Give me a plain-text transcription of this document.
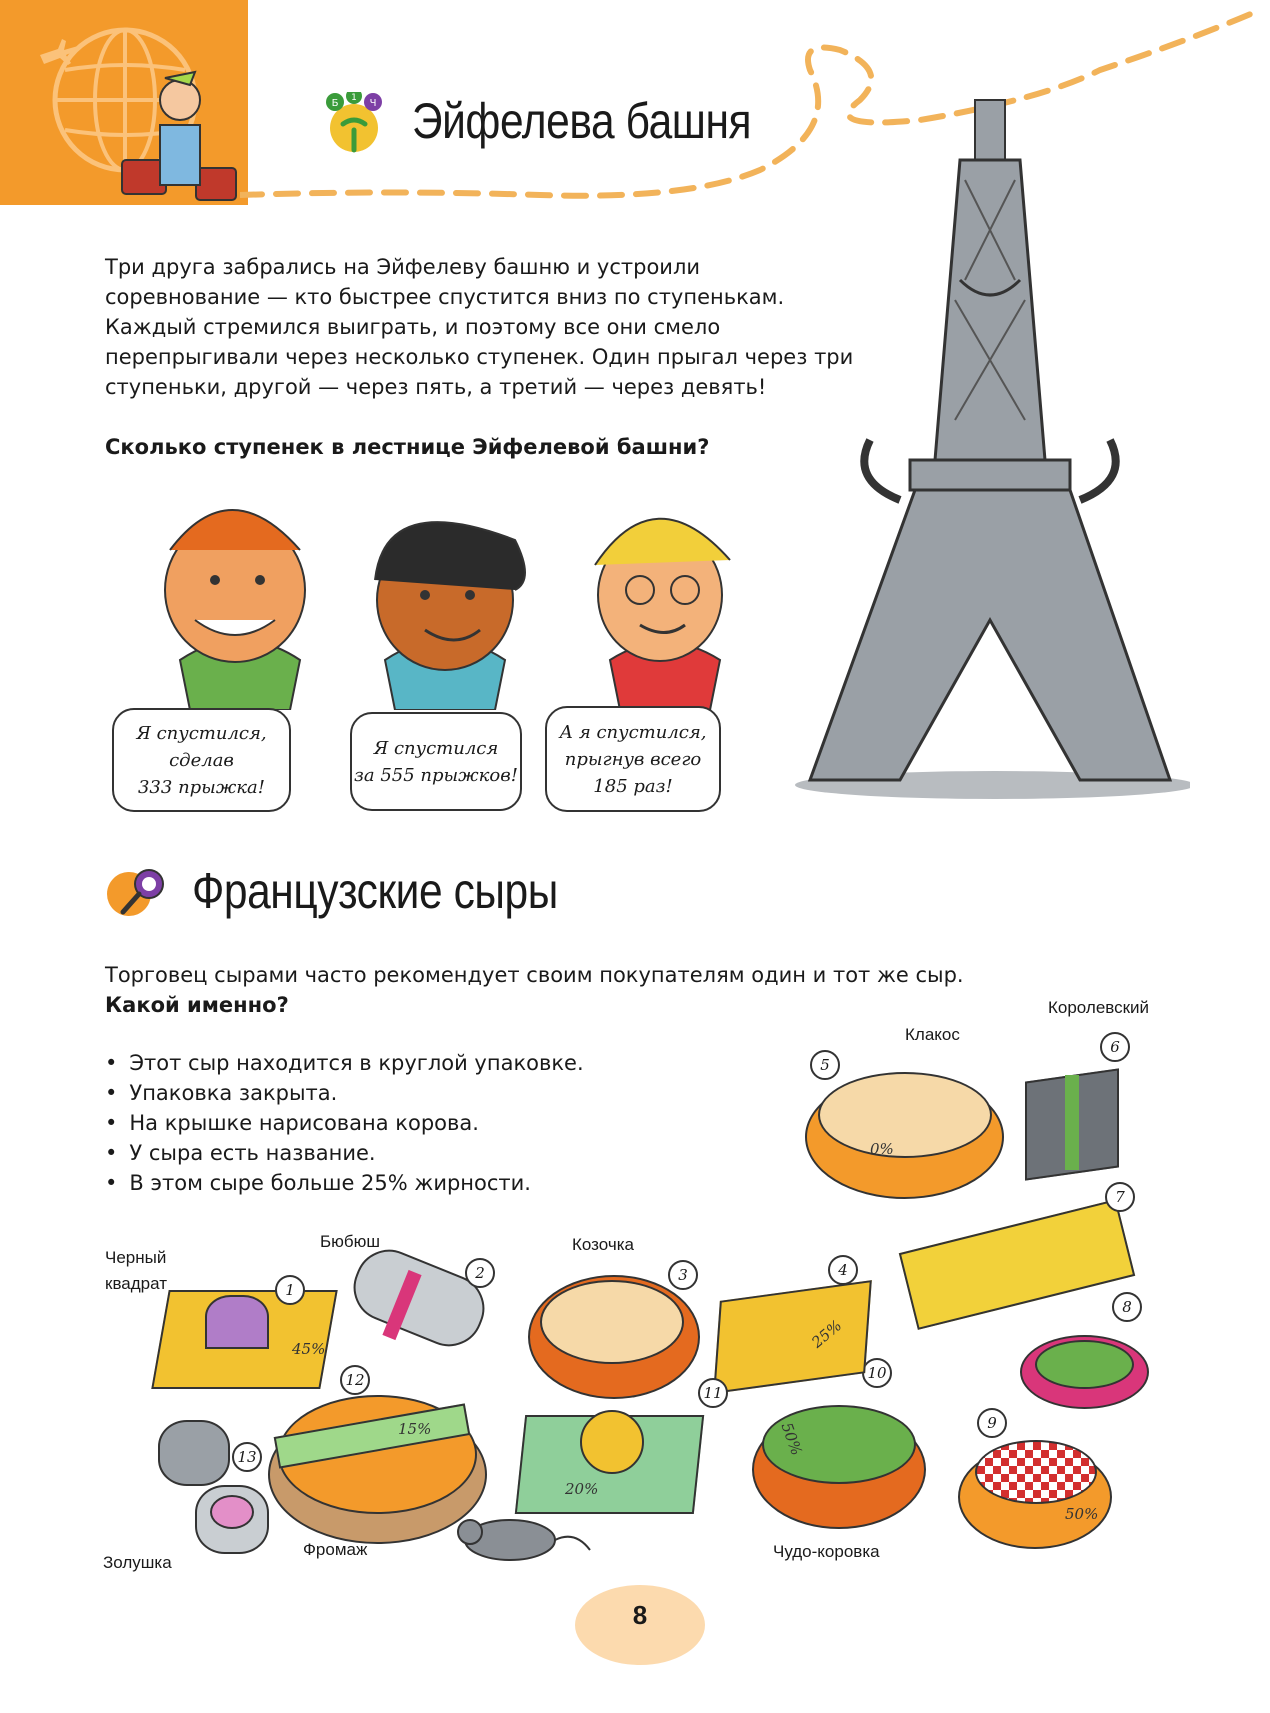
Б 1 Ч Эйфелева башня
Три друга забрались на Эйфелеву башню и устроили
соревнование — кто быстрее спустится вниз по ступенькам.
Каждый стремился выиграть, и поэтому все они смело
перепрыгивали через несколько ступенек. Один прыгал через три
ступеньки, другой — через пять, а третий — через девять!
Сколько ступенек в лестнице Эйфелевой башни?
Я спустился,
сделав
333 прыжка!
Я спустился
за 555 прыжков!
А я спустился,
прыгнув всего
185 раз!
Французские сыры
Торговец сырами часто рекомендует своим покупателям один и тот же сыр.
Какой именно?
• Этот сыр находится в круглой упаковке.
• Упаковка закрыта.
• На крышке нарисована корова.
• У сыра есть название.
• В этом сыре больше 25% жирности.
Королевский
Клакос
Черный
квадрат
Бюбюш	Козочка
Золушка
Фромаж	Чудо-коровка
0%
5
6
7
8
50%
9
50%
10
25%
4
3
2
45%
1
15%
12
20%
11
13
8
